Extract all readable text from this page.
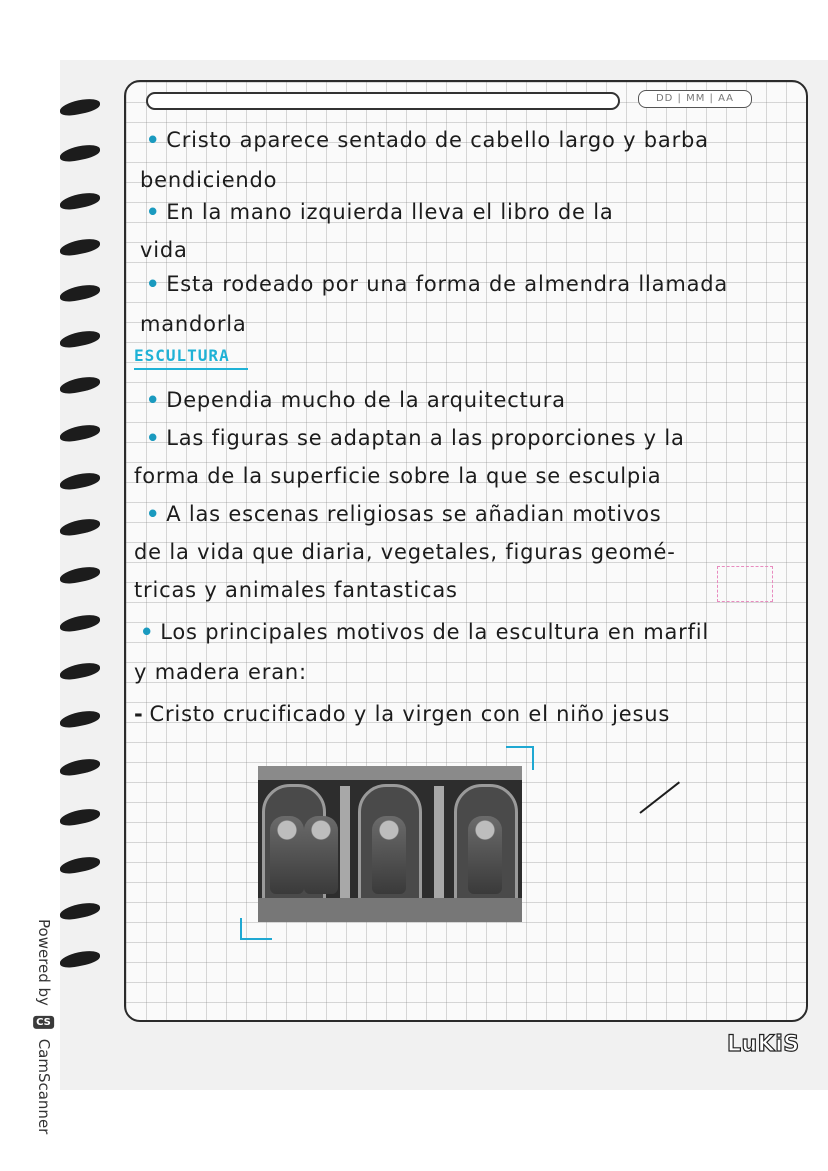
DD | MM | AA

• Cristo aparece sentado de cabello largo y barba

bendiciendo

• En la mano izquierda lleva el libro de la

vida

• Esta rodeado por una forma de almendra llamada

mandorla

ESCULTURA

• Dependia mucho de la arquitectura

• Las figuras se adaptan a las proporciones y la

forma de la superficie sobre la que se esculpia

• A las escenas religiosas se añadian motivos

de la vida que diaria, vegetales, figuras geomé-

tricas y animales fantasticas

• Los principales motivos de la escultura en marfil

y madera eran:

- Cristo crucificado y la virgen con el niño jesus

LuKiS
Powered by
CS
CamScanner
